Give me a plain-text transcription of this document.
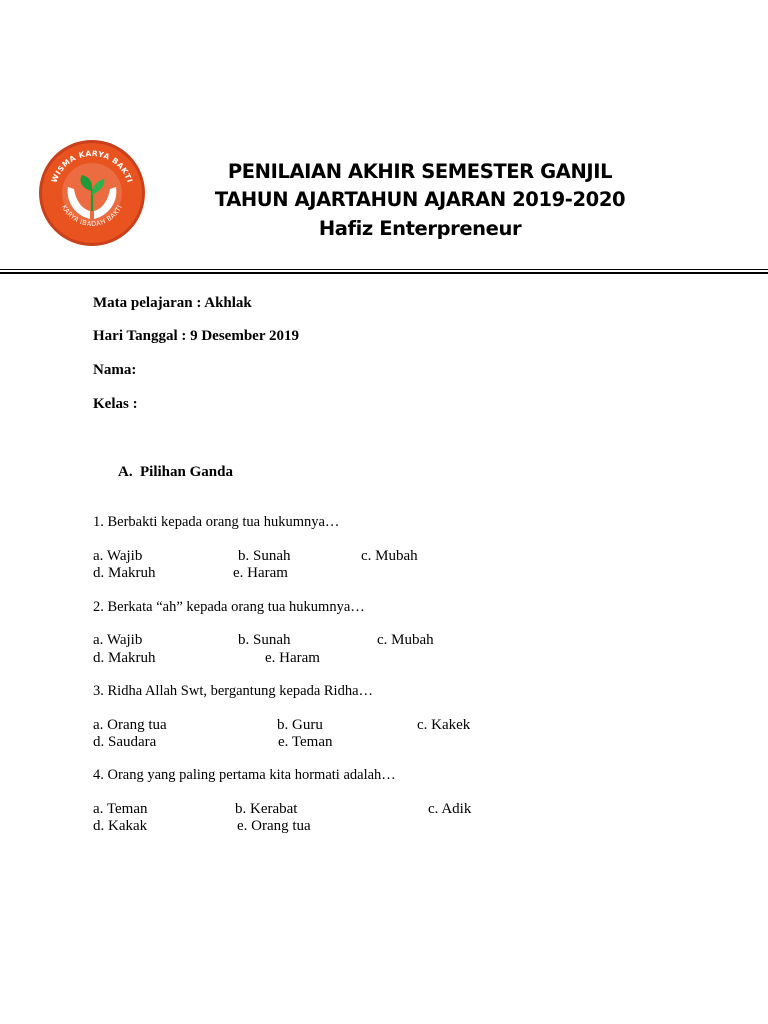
WISMA KARYA BAKTI
KARYA IBADAH BAKTI
PENILAIAN AKHIR SEMESTER GANJIL
TAHUN AJARTAHUN AJARAN 2019-2020
Hafiz Enterpreneur
Mata pelajaran : Akhlak
Hari Tanggal : 9 Desember 2019
Nama:
Kelas :
A. Pilihan Ganda
1. Berbakti kepada orang tua hukumnya…
a. Wajib	b. Sunah	c. Mubah
d. Makruh	e. Haram
2. Berkata “ah” kepada orang tua hukumnya…
a. Wajib	b. Sunah	c. Mubah
d. Makruh	e. Haram
3. Ridha Allah Swt, bergantung kepada Ridha…
a. Orang tua	b. Guru	c. Kakek
d. Saudara	e. Teman
4. Orang yang paling pertama kita hormati adalah…
a. Teman	b. Kerabat	c. Adik
d. Kakak	e. Orang tua
